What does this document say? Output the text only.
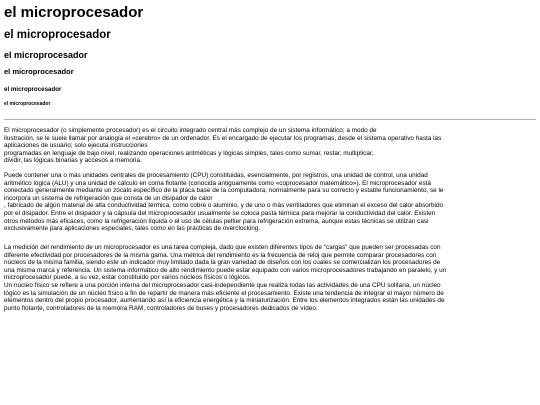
el microprocesador
el microprocesador
el microprocesador
el microprocesador
el microprocesador
el microprocesador

El microprocesador (o simplemente procesador) es el circuito integrado central más complejo de un sistema informático; a modo de
ilustración, se le suele llamar por analogía el «cerebro» de un ordenador. Es el encargado de ejecutar los programas, desde el sistema operativo hasta las
aplicaciones de usuario; solo ejecuta instrucciones
programadas en lenguaje de bajo nivel, realizando operaciones aritméticas y lógicas simples, tales como sumar, restar, multiplicar,
dividir, las lógicas binarias y accesos a memoria.

Puede contener una o más unidades centrales de procesamiento (CPU) constituidas, esencialmente, por registros, una unidad de control, una unidad
aritmético lógica (ALU) y una unidad de cálculo en coma flotante (conocida antiguamente como «coprocesador matemático»). El microprocesador está
conectado generalmente mediante un zócalo específico de la placa base de la computadora; normalmente para su correcto y estable funcionamiento, se le
incorpora un sistema de refrigeración que consta de un disipador de calor
, fabricado de algún material de alta conductividad térmica, como cobre o aluminio, y de uno o más ventiladores que eliminan el exceso del calor absorbido
por el disipador. Entre el disipador y la cápsula del microprocesador usualmente se coloca pasta térmica para mejorar la conductividad del calor. Existen
otros métodos más eficaces, como la refrigeración líquida o el uso de células peltier para refrigeración extrema, aunque estas técnicas se utilizan casi
exclusivamente para aplicaciones especiales, tales como en las prácticas de overclocking.

La medición del rendimiento de un microprocesador es una tarea compleja, dado que existen diferentes tipos de "cargas" que pueden ser procesadas con
diferente efectividad por procesadores de la misma gama. Una métrica del rendimiento es la frecuencia de reloj que permite comparar procesadores con
núcleos de la misma familia, siendo este un indicador muy limitado dada la gran variedad de diseños con los cuales se comercializan los procesadores de
una misma marca y referencia. Un sistema informático de alto rendimiento puede estar equipado con varios microprocesadores trabajando en paralelo, y un
microprocesador puede, a su vez, estar constituido por varios núcleos físicos o lógicos.
Un núcleo físico se refiere a una porción interna del microprocesador casi-independiente que realiza todas las actividades de una CPU solitaria, un núcleo
lógico es la simulación de un núcleo físico a fin de repartir de manera más eficiente el procesamiento. Existe una tendencia de integrar el mayor número de
elementos dentro del propio procesador, aumentando así la eficiencia energética y la miniaturización. Entre los elementos integrados están las unidades de
punto flotante, controladores de la memoria RAM, controladores de buses y procesadores dedicados de vídeo.
